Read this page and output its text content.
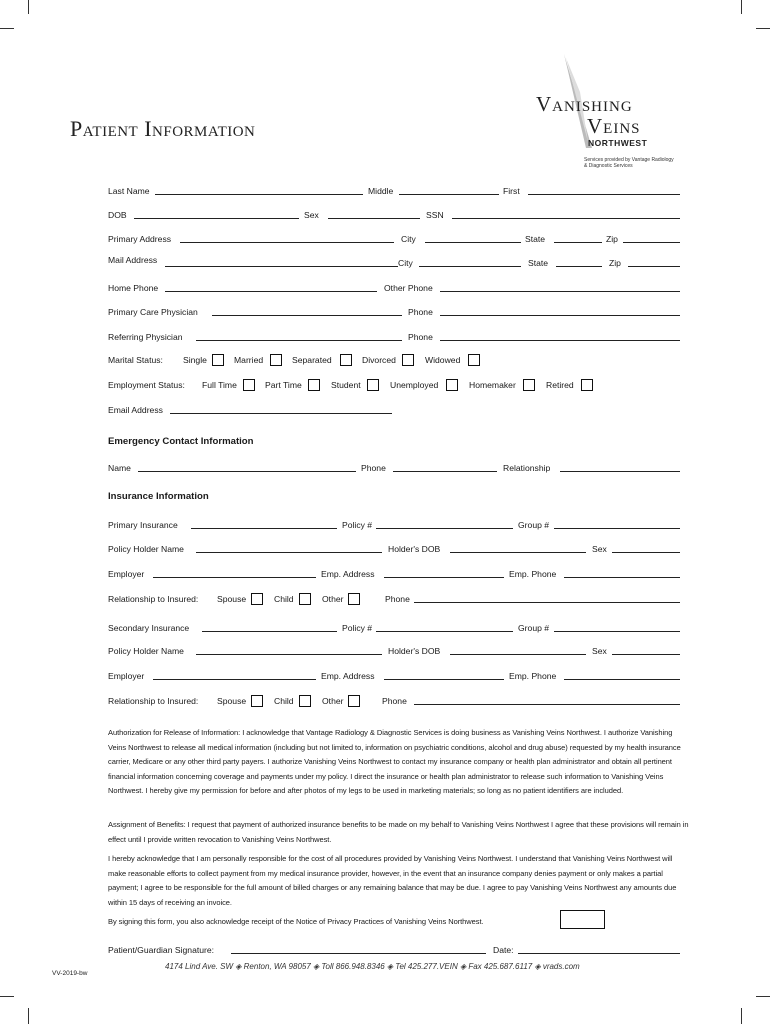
Patient Information
Vanishing
Veins
NORTHWEST
Services provided by Vantage Radiology
& Diagnostic Services
Last Name	Middle	First
DOB	Sex	SSN
Primary Address	City	State	Zip
Mail Address	City	State	Zip
Home Phone	Other Phone
Primary Care Physician	Phone
Referring Physician	Phone
Marital Status: Single	Married	Separated	Divorced	Widowed
Employment Status: Full Time	Part Time	Student	Unemployed	Homemaker	Retired
Email Address
Emergency Contact Information
Name	Phone	Relationship
Insurance Information
Primary Insurance	Policy #	Group #
Policy Holder Name	Holder's DOB	Sex
Employer	Emp. Address	Emp. Phone
Relationship to Insured: Spouse	Child	Other	Phone
Secondary Insurance	Policy #	Group #
Policy Holder Name	Holder's DOB	Sex
Employer	Emp. Address	Emp. Phone
Relationship to Insured: Spouse	Child	Other	Phone
Authorization for Release of Information: I acknowledge that Vantage Radiology & Diagnostic Services is doing business as Vanishing Veins Northwest. I authorize Vanishing Veins Northwest to release all medical information (including but not limited to, information on psychiatric conditions, alcohol and drug abuse) requested by my health insurance carrier, Medicare or any other third party payers. I authorize Vanishing Veins Northwest to contact my insurance company or health plan administrator and obtain all pertinent financial information concerning coverage and payments under my policy. I direct the insurance or health plan administrator to release such information to Vanishing Veins Northwest. I hereby give my permission for before and after photos of my legs to be used in marketing materials; so long as no patient identifiers are included.
Assignment of Benefits: I request that payment of authorized insurance benefits to be made on my behalf to Vanishing Veins Northwest I agree that these provisions will remain in effect until I provide written revocation to Vanishing Veins Northwest.
I hereby acknowledge that I am personally responsible for the cost of all procedures provided by Vanishing Veins Northwest. I understand that Vanishing Veins Northwest will make reasonable efforts to collect payment from my medical insurance provider, however, in the event that an insurance company denies payment or only makes a partial payment; I agree to be responsible for the full amount of billed charges or any remaining balance that may be due. I agree to pay Vanishing Veins Northwest any amounts due within 15 days of receiving an invoice.
By signing this form, you also acknowledge receipt of the Notice of Privacy Practices of Vanishing Veins Northwest.
Patient/Guardian Signature:	Date:
4174 Lind Ave. SW ◈ Renton, WA 98057 ◈ Toll 866.948.8346 ◈ Tel 425.277.VEIN ◈ Fax 425.687.6117 ◈ vrads.com
VV-2019-bw
